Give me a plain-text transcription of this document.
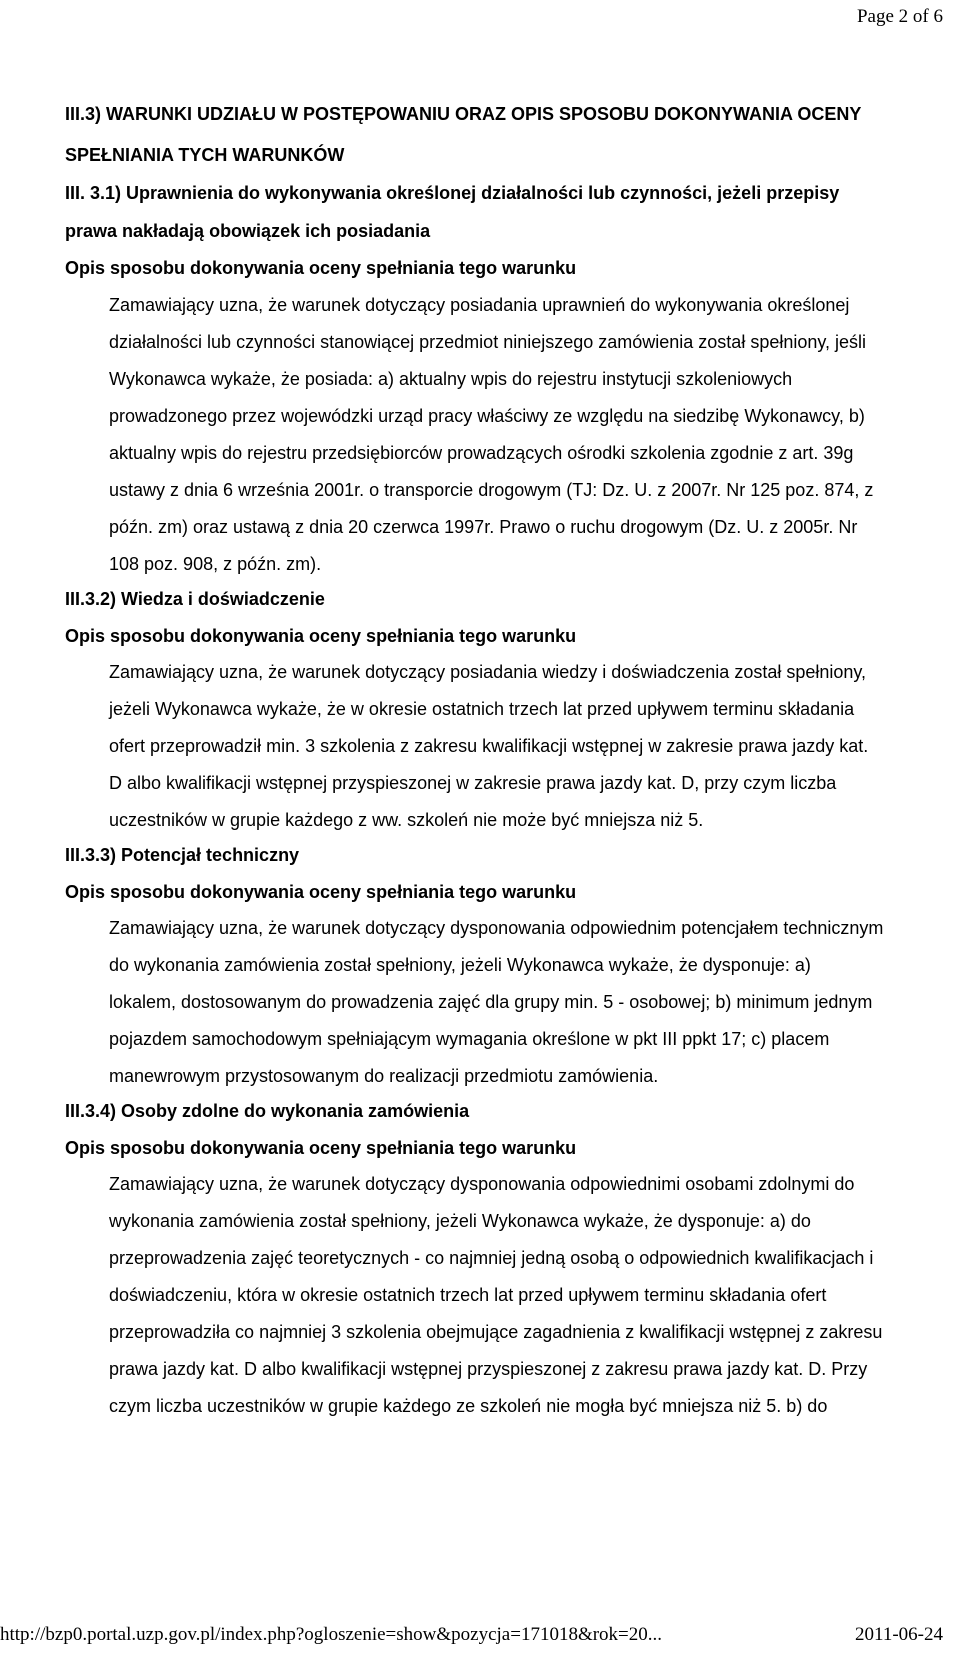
Page 2 of 6
III.3) WARUNKI UDZIAŁU W POSTĘPOWANIU ORAZ OPIS SPOSOBU DOKONYWANIA OCENY
SPEŁNIANIA TYCH WARUNKÓW
III. 3.1) Uprawnienia do wykonywania określonej działalności lub czynności, jeżeli przepisy
prawa nakładają obowiązek ich posiadania
Opis sposobu dokonywania oceny spełniania tego warunku
Zamawiający uzna, że warunek dotyczący posiadania uprawnień do wykonywania określonej
działalności lub czynności stanowiącej przedmiot niniejszego zamówienia został spełniony, jeśli
Wykonawca wykaże, że posiada: a) aktualny wpis do rejestru instytucji szkoleniowych
prowadzonego przez wojewódzki urząd pracy właściwy ze względu na siedzibę Wykonawcy, b)
aktualny wpis do rejestru przedsiębiorców prowadzących ośrodki szkolenia zgodnie z art. 39g
ustawy z dnia 6 września 2001r. o transporcie drogowym (TJ: Dz. U. z 2007r. Nr 125 poz. 874, z
późn. zm) oraz ustawą z dnia 20 czerwca 1997r. Prawo o ruchu drogowym (Dz. U. z 2005r. Nr
108 poz. 908, z późn. zm).
III.3.2) Wiedza i doświadczenie
Opis sposobu dokonywania oceny spełniania tego warunku
Zamawiający uzna, że warunek dotyczący posiadania wiedzy i doświadczenia został spełniony,
jeżeli Wykonawca wykaże, że w okresie ostatnich trzech lat przed upływem terminu składania
ofert przeprowadził min. 3 szkolenia z zakresu kwalifikacji wstępnej w zakresie prawa jazdy kat.
D albo kwalifikacji wstępnej przyspieszonej w zakresie prawa jazdy kat. D, przy czym liczba
uczestników w grupie każdego z ww. szkoleń nie może być mniejsza niż 5.
III.3.3) Potencjał techniczny
Opis sposobu dokonywania oceny spełniania tego warunku
Zamawiający uzna, że warunek dotyczący dysponowania odpowiednim potencjałem technicznym
do wykonania zamówienia został spełniony, jeżeli Wykonawca wykaże, że dysponuje: a)
lokalem, dostosowanym do prowadzenia zajęć dla grupy min. 5 - osobowej; b) minimum jednym
pojazdem samochodowym spełniającym wymagania określone w pkt III ppkt 17; c) placem
manewrowym przystosowanym do realizacji przedmiotu zamówienia.
III.3.4) Osoby zdolne do wykonania zamówienia
Opis sposobu dokonywania oceny spełniania tego warunku
Zamawiający uzna, że warunek dotyczący dysponowania odpowiednimi osobami zdolnymi do
wykonania zamówienia został spełniony, jeżeli Wykonawca wykaże, że dysponuje: a) do
przeprowadzenia zajęć teoretycznych - co najmniej jedną osobą o odpowiednich kwalifikacjach i
doświadczeniu, która w okresie ostatnich trzech lat przed upływem terminu składania ofert
przeprowadziła co najmniej 3 szkolenia obejmujące zagadnienia z kwalifikacji wstępnej z zakresu
prawa jazdy kat. D albo kwalifikacji wstępnej przyspieszonej z zakresu prawa jazdy kat. D. Przy
czym liczba uczestników w grupie każdego ze szkoleń nie mogła być mniejsza niż 5. b) do
http://bzp0.portal.uzp.gov.pl/index.php?ogloszenie=show&pozycja=171018&rok=20...	2011-06-24
